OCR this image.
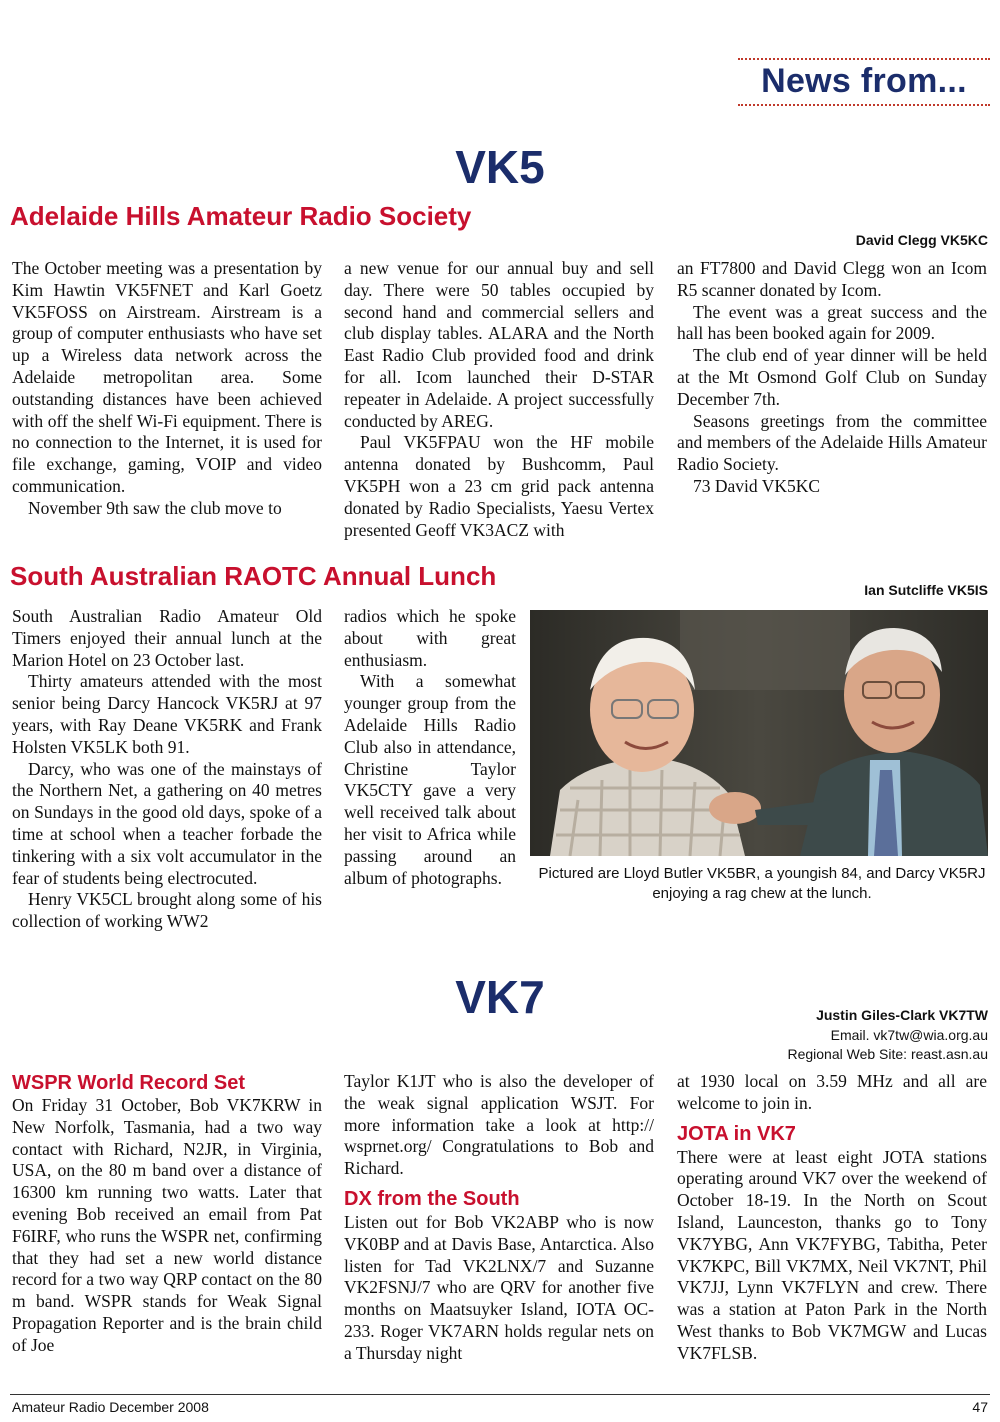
News from...
VK5
Adelaide Hills Amateur Radio Society
David Clegg VK5KC

The October meeting was a presentation by Kim Hawtin VK5FNET and Karl Goetz VK5FOSS on Airstream. Airstream is a group of computer enthusiasts who have set up a Wireless data network across the Adelaide metropolitan area. Some outstanding distances have been achieved with off the shelf Wi-Fi equipment. There is no connection to the Internet, it is used for file exchange, gaming, VOIP and video communication.

November 9th saw the club move to

a new venue for our annual buy and sell day. There were 50 tables occupied by second hand and commercial sellers and club display tables. ALARA and the North East Radio Club provided food and drink for all. Icom launched their D-STAR repeater in Adelaide. A project successfully conducted by AREG.

Paul VK5FPAU won the HF mobile antenna donated by Bushcomm, Paul VK5PH won a 23 cm grid pack antenna donated by Radio Specialists, Yaesu Vertex presented Geoff VK3ACZ with

an FT7800 and David Clegg won an Icom R5 scanner donated by Icom.

The event was a great success and the hall has been booked again for 2009.

The club end of year dinner will be held at the Mt Osmond Golf Club on Sunday December 7th.

Seasons greetings from the committee and members of the Adelaide Hills Amateur Radio Society.

73 David VK5KC

South Australian RAOTC Annual Lunch	Ian Sutcliffe VK5IS

South Australian Radio Amateur Old Timers enjoyed their annual lunch at the Marion Hotel on 23 October last.

Thirty amateurs attended with the most senior being Darcy Hancock VK5RJ at 97 years, with Ray Deane VK5RK and Frank Holsten VK5LK both 91.

Darcy, who was one of the mainstays of the Northern Net, a gathering on 40 metres on Sundays in the good old days, spoke of a time at school when a teacher forbade the tinkering with a six volt accumulator in the fear of students being electrocuted.

Henry VK5CL brought along some of his collection of working WW2

radios which he spoke about with great enthusiasm.

With a somewhat younger group from the Adelaide Hills Radio Club also in attendance, Christine Taylor VK5CTY gave a very well received talk about her visit to Africa while passing around an album of photographs.	Pictured are Lloyd Butler VK5BR, a youngish 84, and Darcy VK5RJ enjoying a rag chew at the lunch.
VK7	Justin Giles-Clark VK7TW
Email. vk7tw@wia.org.au
Regional Web Site: reast.asn.au
WSPR World Record Set

On Friday 31 October, Bob VK7KRW in New Norfolk, Tasmania, had a two way contact with Richard, N2JR, in Virginia, USA, on the 80 m band over a distance of 16300 km running two watts. Later that evening Bob received an email from Pat F6IRF, who runs the WSPR net, confirming that they had set a new world distance record for a two way QRP contact on the 80 m band. WSPR stands for Weak Signal Propagation Reporter and is the brain child of Joe

Taylor K1JT who is also the developer of the weak signal application WSJT. For more information take a look at http:// wsprnet.org/ Congratulations to Bob and Richard.

DX from the South

Listen out for Bob VK2ABP who is now VK0BP and at Davis Base, Antarctica. Also listen for Tad VK2LNX/7 and Suzanne VK2FSNJ/7 who are QRV for another five months on Maatsuyker Island, IOTA OC-233. Roger VK7ARN holds regular nets on a Thursday night

at 1930 local on 3.59 MHz and all are welcome to join in.

JOTA in VK7

There were at least eight JOTA stations operating around VK7 over the weekend of October 18-19. In the North on Scout Island, Launceston, thanks go to Tony VK7YBG, Ann VK7FYBG, Tabitha, Peter VK7KPC, Bill VK7MX, Neil VK7NT, Phil VK7JJ, Lynn VK7FLYN and crew. There was a station at Paton Park in the North West thanks to Bob VK7MGW and Lucas VK7FLSB.

Amateur Radio December 2008	47
